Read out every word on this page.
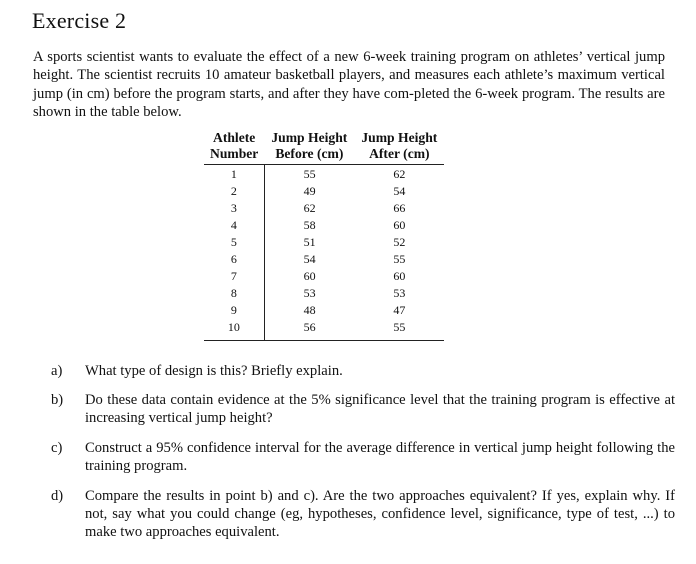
Exercise 2

A sports scientist wants to evaluate the effect of a new 6-week training program on athletes’ vertical jump height. The scientist recruits 10 amateur basketball players, and measures each athlete’s maximum vertical jump (in cm) before the program starts, and after they have com-pleted the 6-week program. The results are shown in the table below.

Athlete	Jump Height	Jump Height
Number	Before (cm)	After (cm)
1	55	62
2	49	54
3	62	66
4	58	60
5	51	52
6	54	55
7	60	60
8	53	53
9	48	47
10	56	55
a) What type of design is this? Briefly explain.
b) Do these data contain evidence at the 5% significance level that the training program is effective at increasing vertical jump height?
c) Construct a 95% confidence interval for the average difference in vertical jump height following the training program.
d) Compare the results in point b) and c). Are the two approaches equivalent? If yes, explain why. If not, say what you could change (eg, hypotheses, confidence level, significance, type of test, ...) to make two approaches equivalent.
